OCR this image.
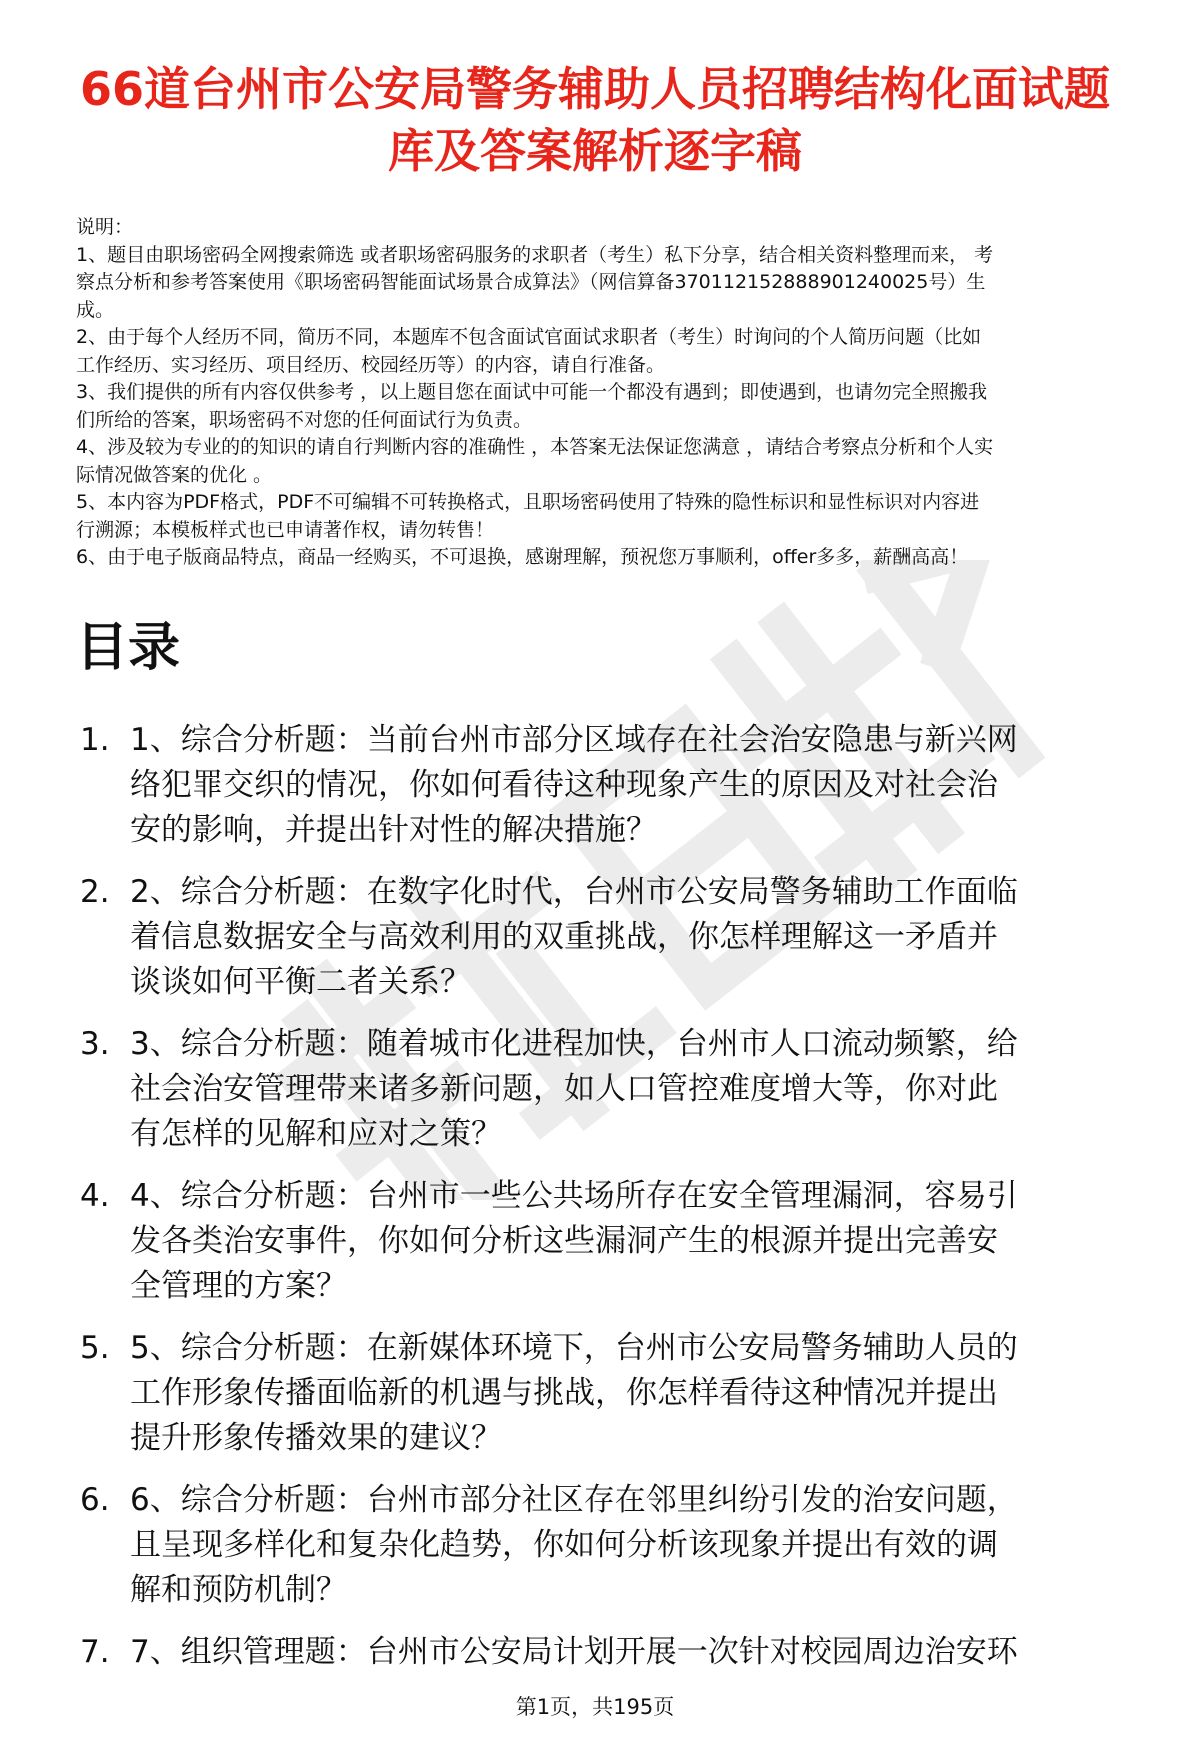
66道台州市公安局警务辅助人员招聘结构化面试题库及答案解析逐字稿
说明：
1、题目由职场密码全网搜索筛选 或者职场密码服务的求职者（考生）私下分享，结合相关资料整理而来， 考
察点分析和参考答案使用《职场密码智能面试场景合成算法》（网信算备370112152888901240025号）生
成。
2、由于每个人经历不同，简历不同，本题库不包含面试官面试求职者（考生）时询问的个人简历问题（比如
工作经历、实习经历、项目经历、校园经历等）的内容，请自行准备。
3、我们提供的所有内容仅供参考 ，以上题目您在面试中可能一个都没有遇到；即使遇到，也请勿完全照搬我
们所给的答案，职场密码不对您的任何面试行为负责。
4、涉及较为专业的的知识的请自行判断内容的准确性 ，本答案无法保证您满意 ，请结合考察点分析和个人实
际情况做答案的优化 。
5、本内容为PDF格式，PDF不可编辑不可转换格式，且职场密码使用了特殊的隐性标识和显性标识对内容进
行溯源；本模板样式也已申请著作权，请勿转售！
6、由于电子版商品特点，商品一经购买，不可退换，感谢理解，预祝您万事顺利，offer多多，薪酬高高！
目录
1. 1、综合分析题：当前台州市部分区域存在社会治安隐患与新兴网
络犯罪交织的情况，你如何看待这种现象产生的原因及对社会治
安的影响，并提出针对性的解决措施？
2. 2、综合分析题：在数字化时代，台州市公安局警务辅助工作面临
着信息数据安全与高效利用的双重挑战，你怎样理解这一矛盾并
谈谈如何平衡二者关系？
3. 3、综合分析题：随着城市化进程加快，台州市人口流动频繁，给
社会治安管理带来诸多新问题，如人口管控难度增大等，你对此
有怎样的见解和应对之策？
4. 4、综合分析题：台州市一些公共场所存在安全管理漏洞，容易引
发各类治安事件，你如何分析这些漏洞产生的根源并提出完善安
全管理的方案？
5. 5、综合分析题：在新媒体环境下，台州市公安局警务辅助人员的
工作形象传播面临新的机遇与挑战，你怎样看待这种情况并提出
提升形象传播效果的建议？
6. 6、综合分析题：台州市部分社区存在邻里纠纷引发的治安问题，
且呈现多样化和复杂化趋势，你如何分析该现象并提出有效的调
解和预防机制？
7. 7、组织管理题：台州市公安局计划开展一次针对校园周边治安环
第1页，共195页
